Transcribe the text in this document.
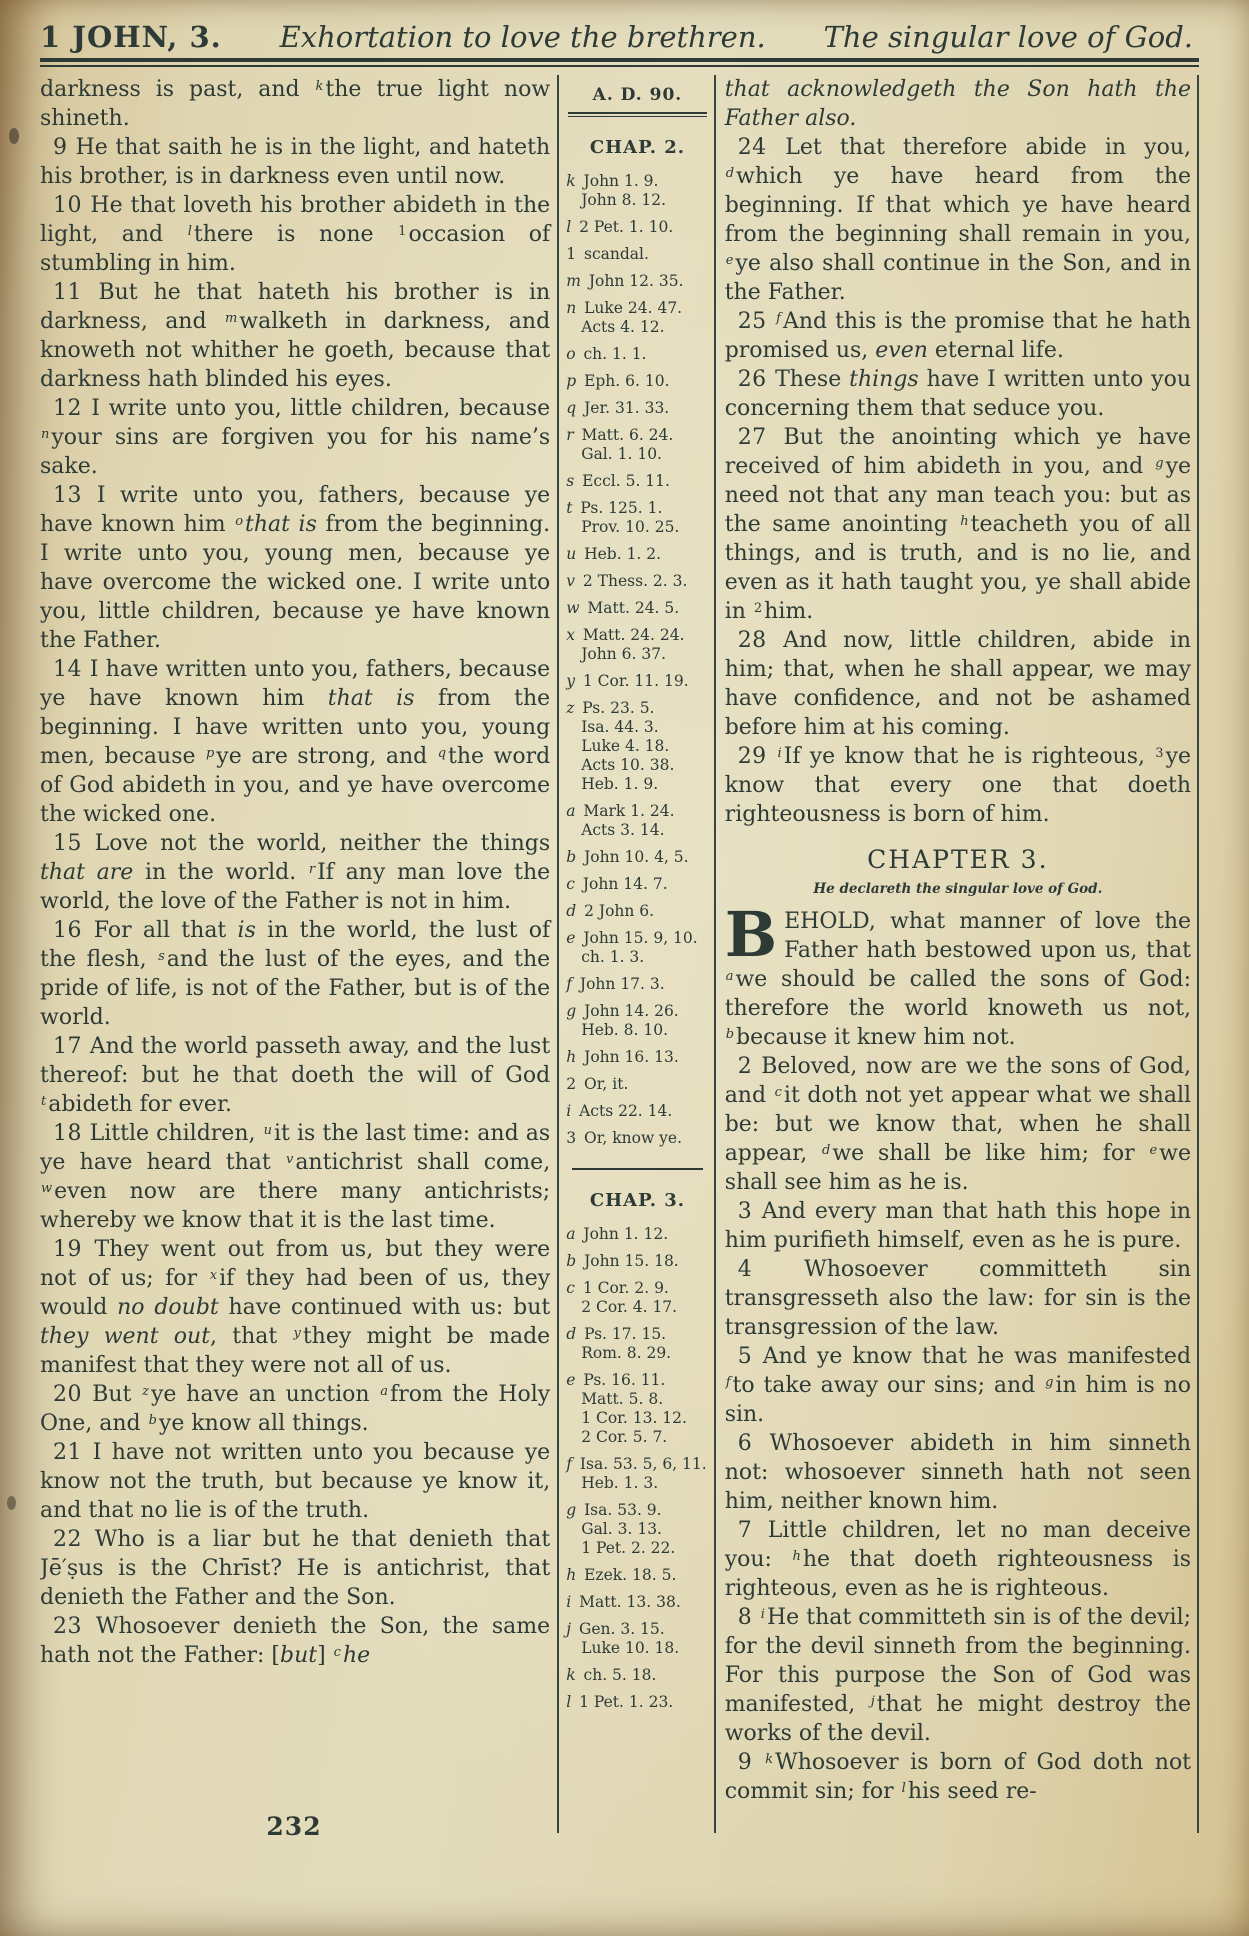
1 JOHN, 3. Exhortation to love the brethren. The singular love of God.

darkness is past, and $^k$the true light now shineth.

9 He that saith he is in the light, and hateth his brother, is in darkness even until now.

10 He that loveth his brother abideth in the light, and $^l$there is none $^1$occasion of stumbling in him.

11 But he that hateth his brother is in darkness, and $^m$walketh in darkness, and knoweth not whither he goeth, because that darkness hath blinded his eyes.

12 I write unto you, little children, because $^n$your sins are forgiven you for his name’s sake.

13 I write unto you, fathers, because ye have known him $^o$that is from the beginning. I write unto you, young men, because ye have overcome the wicked one. I write unto you, little children, because ye have known the Father.

14 I have written unto you, fathers, because ye have known him that is from the beginning. I have written unto you, young men, because $^p$ye are strong, and $^q$the word of God abideth in you, and ye have overcome the wicked one.

15 Love not the world, neither the things that are in the world. $^r$If any man love the world, the love of the Father is not in him.

16 For all that is in the world, the lust of the flesh, $^s$and the lust of the eyes, and the pride of life, is not of the Father, but is of the world.

17 And the world passeth away, and the lust thereof: but he that doeth the will of God $^t$abideth for ever.

18 Little children, $^u$it is the last time: and as ye have heard that $^v$antichrist shall come, $^w$even now are there many antichrists; whereby we know that it is the last time.

19 They went out from us, but they were not of us; for $^x$if they had been of us, they would no doubt have continued with us: but they went out, that $^y$they might be made manifest that they were not all of us.

20 But $^z$ye have an unction $^a$from the Holy One, and $^b$ye know all things.

21 I have not written unto you because ye know not the truth, but because ye know it, and that no lie is of the truth.

22 Who is a liar but he that denieth that Jē′ṣus is the Chrīst? He is antichrist, that denieth the Father and the Son.

23 Whosoever denieth the Son, the same hath not the Father: [but] $^c$he

A. D. 90.
CHAP. 2.
k John 1. 9.
John 8. 12.
l 2 Pet. 1. 10.
1 scandal.
m John 12. 35.
n Luke 24. 47.
Acts 4. 12.
o ch. 1. 1.
p Eph. 6. 10.
q Jer. 31. 33.
r Matt. 6. 24.
Gal. 1. 10.
s Eccl. 5. 11.
t Ps. 125. 1.
Prov. 10. 25.
u Heb. 1. 2.
v 2 Thess. 2. 3.
w Matt. 24. 5.
x Matt. 24. 24.
John 6. 37.
y 1 Cor. 11. 19.
z Ps. 23. 5.
Isa. 44. 3.
Luke 4. 18.
Acts 10. 38.
Heb. 1. 9.
a Mark 1. 24.
Acts 3. 14.
b John 10. 4, 5.
c John 14. 7.
d 2 John 6.
e John 15. 9, 10.
ch. 1. 3.
f John 17. 3.
g John 14. 26.
Heb. 8. 10.
h John 16. 13.
2 Or, it.
i Acts 22. 14.
3 Or, know ye.
CHAP. 3.
a John 1. 12.
b John 15. 18.
c 1 Cor. 2. 9.
2 Cor. 4. 17.
d Ps. 17. 15.
Rom. 8. 29.
e Ps. 16. 11.
Matt. 5. 8.
1 Cor. 13. 12.
2 Cor. 5. 7.
f Isa. 53. 5, 6, 11.
Heb. 1. 3.
g Isa. 53. 9.
Gal. 3. 13.
1 Pet. 2. 22.
h Ezek. 18. 5.
i Matt. 13. 38.
j Gen. 3. 15.
Luke 10. 18.
k ch. 5. 18.
l 1 Pet. 1. 23.

that acknowledgeth the Son hath the Father also.

24 Let that therefore abide in you, $^d$which ye have heard from the beginning. If that which ye have heard from the beginning shall remain in you, $^e$ye also shall continue in the Son, and in the Father.

25 $^f$And this is the promise that he hath promised us, even eternal life.

26 These things have I written unto you concerning them that seduce you.

27 But the anointing which ye have received of him abideth in you, and $^g$ye need not that any man teach you: but as the same anointing $^h$teacheth you of all things, and is truth, and is no lie, and even as it hath taught you, ye shall abide in $^2$him.

28 And now, little children, abide in him; that, when he shall appear, we may have confidence, and not be ashamed before him at his coming.

29 $^i$If ye know that he is righteous, $^3$ye know that every one that doeth righteousness is born of him.

CHAPTER 3.
He declareth the singular love of God.

BEHOLD, what manner of love the Father hath bestowed upon us, that $^a$we should be called the sons of God: therefore the world knoweth us not, $^b$because it knew him not.

2 Beloved, now are we the sons of God, and $^c$it doth not yet appear what we shall be: but we know that, when he shall appear, $^d$we shall be like him; for $^e$we shall see him as he is.

3 And every man that hath this hope in him purifieth himself, even as he is pure.

4 Whosoever committeth sin transgresseth also the law: for sin is the transgression of the law.

5 And ye know that he was manifested $^f$to take away our sins; and $^g$in him is no sin.

6 Whosoever abideth in him sinneth not: whosoever sinneth hath not seen him, neither known him.

7 Little children, let no man deceive you: $^h$he that doeth righteousness is righteous, even as he is righteous.

8 $^i$He that committeth sin is of the devil; for the devil sinneth from the beginning. For this purpose the Son of God was manifested, $^j$that he might destroy the works of the devil.

9 $^k$Whosoever is born of God doth not commit sin; for $^l$his seed re-

232
